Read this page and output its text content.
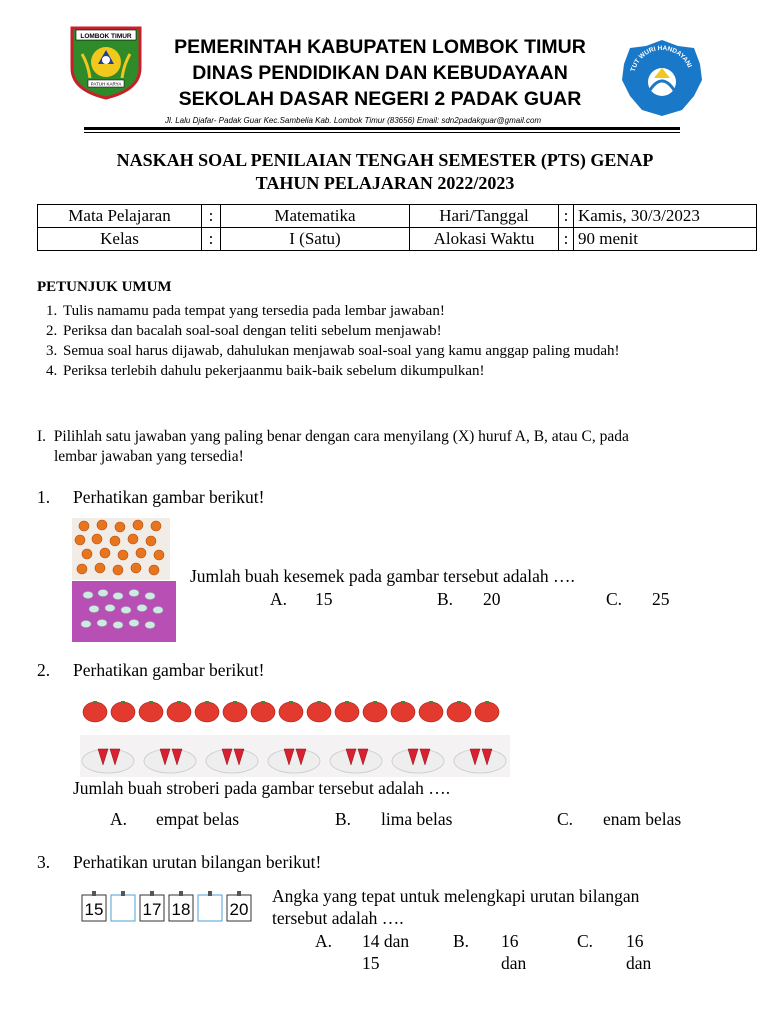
LOMBOK TIMUR
PATUH KARYA
PEMERINTAH KABUPATEN LOMBOK TIMUR
DINAS PENDIDIKAN DAN KEBUDAYAAN
SEKOLAH DASAR NEGERI 2 PADAK GUAR
Jl. Lalu Djafar- Padak Guar Kec.Sambelia Kab. Lombok Timur (83656) Email: sdn2padakguar@gmail.com
TUT WURI HANDAYANI
NASKAH SOAL PENILAIAN TENGAH SEMESTER (PTS) GENAP
TAHUN PELAJARAN 2022/2023
Mata Pelajaran	:	Matematika	Hari/Tanggal	:	Kamis, 30/3/2023
Kelas	:	I (Satu)	Alokasi Waktu	:	90 menit
PETUNJUK UMUM
1. Tulis namamu pada tempat yang tersedia pada lembar jawaban!
2. Periksa dan bacalah soal-soal dengan teliti sebelum menjawab!
3. Semua soal harus dijawab, dahulukan menjawab soal-soal yang kamu anggap paling mudah!
4. Periksa terlebih dahulu pekerjaanmu baik-baik sebelum dikumpulkan!
I. Pilihlah satu jawaban yang paling benar dengan cara menyilang (X) huruf A, B, atau C, pada
lembar jawaban yang tersedia!
1. Perhatikan gambar berikut!
Jumlah buah kesemek pada gambar tersebut adalah ….
A. 15	B. 20	C. 25
2. Perhatikan gambar berikut!
Jumlah buah stroberi pada gambar tersebut adalah ….
A. empat belas	B. lima belas	C. enam belas
3. Perhatikan urutan bilangan berikut!
15 17 18 20
Angka yang tepat untuk melengkapi urutan bilangan
tersebut adalah ….
A. 14 dan
15
B. 16
dan
C. 16
dan
